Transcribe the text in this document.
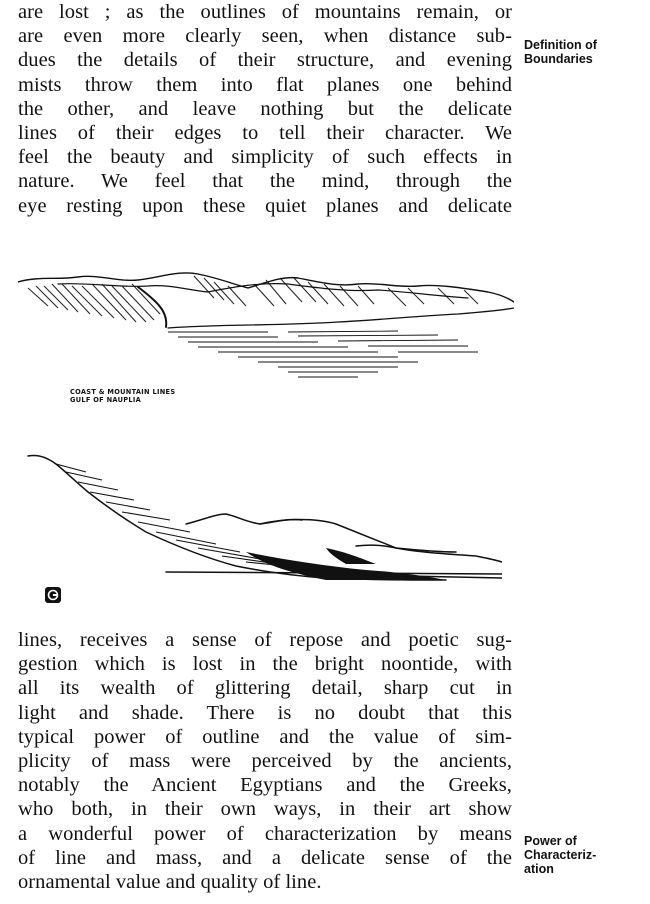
are lost ; as the outlines of mountains remain, or
are even more clearly seen, when distance sub-
dues the details of their structure, and evening
mists throw them into flat planes one behind
the other, and leave nothing but the delicate
lines of their edges to tell their character. We
feel the beauty and simplicity of such effects in
nature. We feel that the mind, through the
eye resting upon these quiet planes and delicate
Definition of
Boundaries
COAST & MOUNTAIN LINES
GULF OF NAUPLIA
lines, receives a sense of repose and poetic sug-
gestion which is lost in the bright noontide, with
all its wealth of glittering detail, sharp cut in
light and shade. There is no doubt that this
typical power of outline and the value of sim-
plicity of mass were perceived by the ancients,
notably the Ancient Egyptians and the Greeks,
who both, in their own ways, in their art show
a wonderful power of characterization by means
of line and mass, and a delicate sense of the
ornamental value and quality of line.
Power of
Characteriz-
ation
